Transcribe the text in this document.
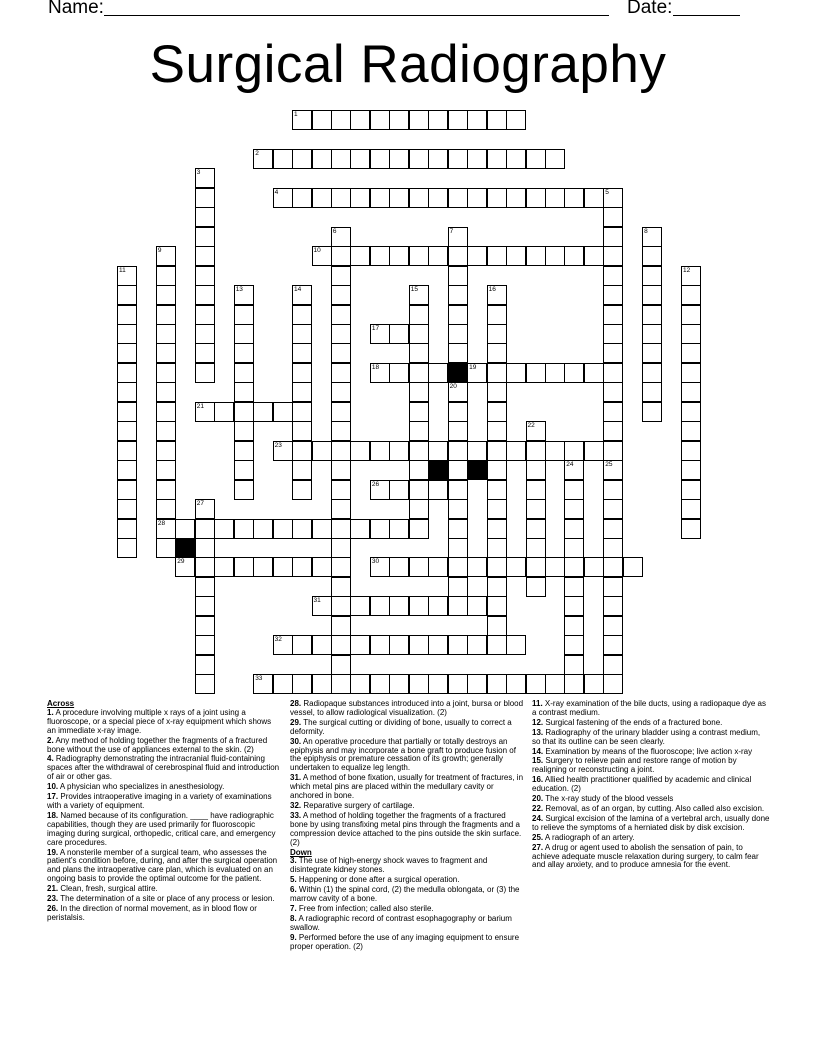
Name:	Date:
Surgical Radiography
1
2
3
4	5
6	7
20
8
9
28
10
11	12
13	14	15	16
17
18	19
21
22
23
24	25
26
27
29	30
31
32
33

Across

1. A procedure involving multiple x rays of a joint using a fluoroscope, or a special piece of x-ray equipment which shows an immediate x-ray image.

2. Any method of holding together the fragments of a fractured bone without the use of appliances external to the skin. (2)

4. Radiography demonstrating the intracranial fluid-containing spaces after the withdrawal of cerebrospinal fluid and introduction of air or other gas.

10. A physician who specializes in anesthesiology.

17. Provides intraoperative imaging in a variety of examinations with a variety of equipment.

18. Named because of its configuration. ____ have radiographic capabilities, though they are used primarily for fluoroscopic imaging during surgical, orthopedic, critical care, and emergency care procedures.

19. A nonsterile member of a surgical team, who assesses the patient's condition before, during, and after the surgical operation and plans the intraoperative care plan, which is evaluated on an ongoing basis to provide the optimal outcome for the patient.

21. Clean, fresh, surgical attire.

23. The determination of a site or place of any process or lesion.

26. In the direction of normal movement, as in blood flow or peristalsis.

28. Radiopaque substances introduced into a joint, bursa or blood vessel, to allow radiological visualization. (2)

29. The surgical cutting or dividing of bone, usually to correct a deformity.

30. An operative procedure that partially or totally destroys an epiphysis and may incorporate a bone graft to produce fusion of the epiphysis or premature cessation of its growth; generally undertaken to equalize leg length.

31. A method of bone fixation, usually for treatment of fractures, in which metal pins are placed within the medullary cavity or anchored in bone.

32. Reparative surgery of cartilage.

33. A method of holding together the fragments of a fractured bone by using transfixing metal pins through the fragments and a compression device attached to the pins outside the skin surface. (2)

Down

3. The use of high-energy shock waves to fragment and disintegrate kidney stones.

5. Happening or done after a surgical operation.

6. Within (1) the spinal cord, (2) the medulla oblongata, or (3) the marrow cavity of a bone.

7. Free from infection; called also sterile.

8. A radiographic record of contrast esophagography or barium swallow.

9. Performed before the use of any imaging equipment to ensure proper operation. (2)

11. X-ray examination of the bile ducts, using a radiopaque dye as a contrast medium.

12. Surgical fastening of the ends of a fractured bone.

13. Radiography of the urinary bladder using a contrast medium, so that its outline can be seen clearly.

14. Examination by means of the fluoroscope; live action x-ray

15. Surgery to relieve pain and restore range of motion by realigning or reconstructing a joint.

16. Allied health practitioner qualified by academic and clinical education. (2)

20. The x-ray study of the blood vessels

22. Removal, as of an organ, by cutting. Also called also excision.

24. Surgical excision of the lamina of a vertebral arch, usually done to relieve the symptoms of a herniated disk by disk excision.

25. A radiograph of an artery.

27. A drug or agent used to abolish the sensation of pain, to achieve adequate muscle relaxation during surgery, to calm fear and allay anxiety, and to produce amnesia for the event.
